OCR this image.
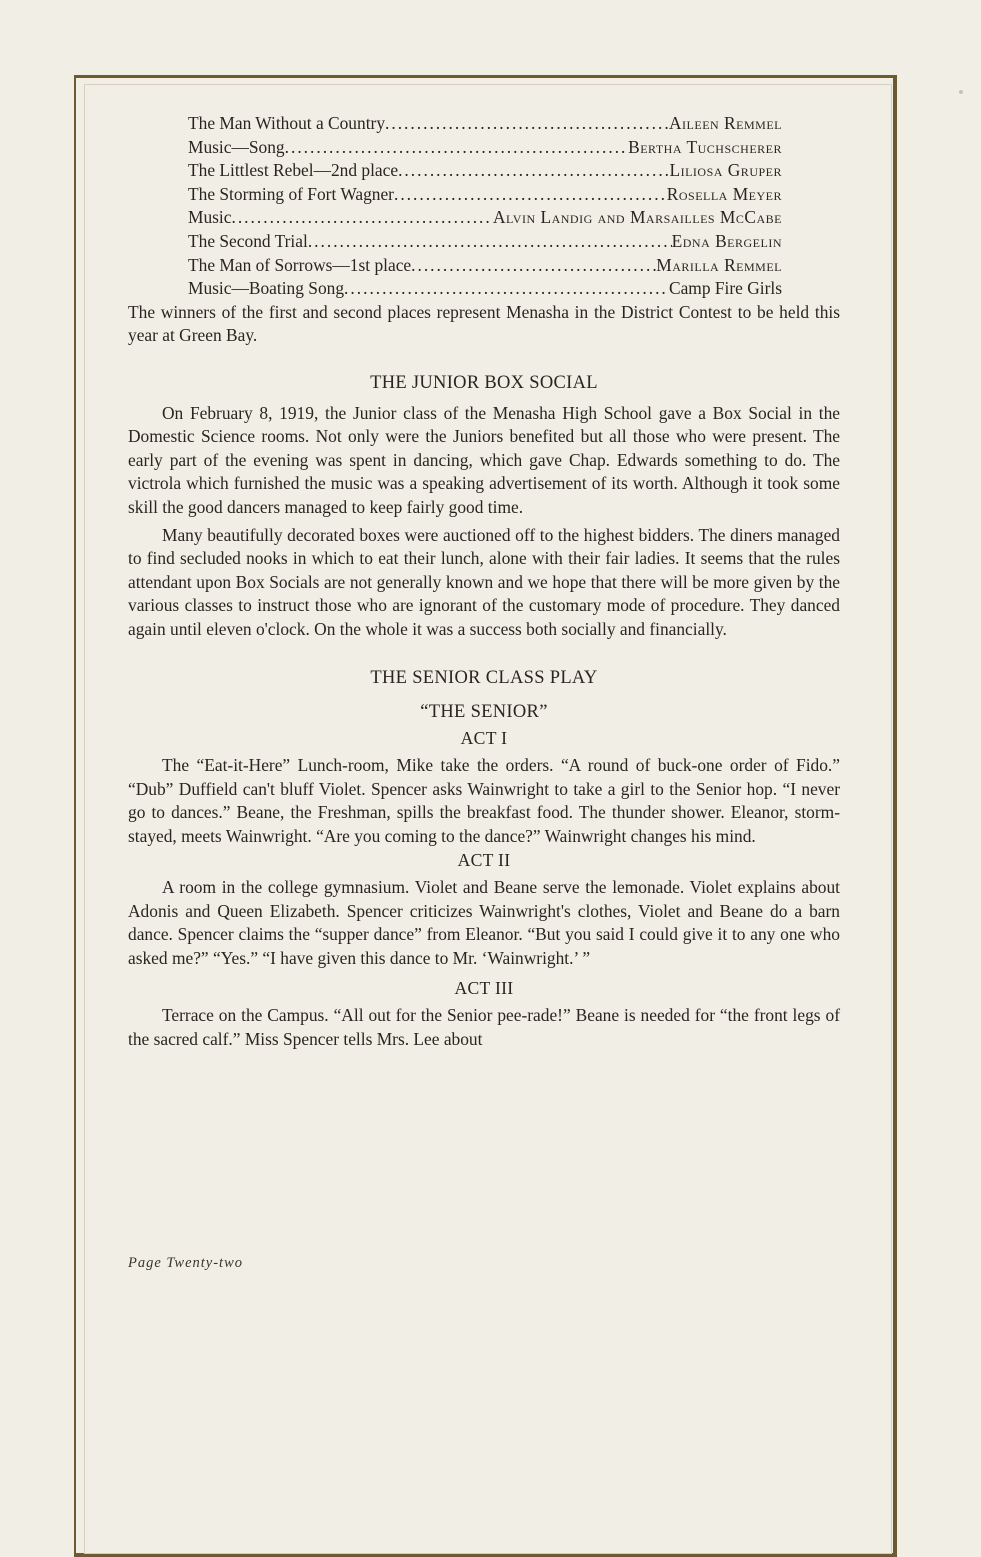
The Man Without a Country .....	Aileen Remmel
Music—Song .....	Bertha Tuchscherer
The Littlest Rebel—2nd place .....	Liliosa Gruper
The Storming of Fort Wagner .....	Rosella Meyer
Music .....	Alvin Landig and Marsailles McCabe
The Second Trial .....	Edna Bergelin
The Man of Sorrows—1st place .....	Marilla Remmel
Music—Boating Song .....	Camp Fire Girls

The winners of the first and second places represent Menasha in the District Contest to be held this year at Green Bay.

THE JUNIOR BOX SOCIAL

On February 8, 1919, the Junior class of the Menasha High School gave a Box Social in the Domestic Science rooms. Not only were the Juniors benefited but all those who were present. The early part of the evening was spent in dancing, which gave Chap. Edwards something to do. The victrola which furnished the music was a speaking advertisement of its worth. Although it took some skill the good dancers managed to keep fairly good time.

Many beautifully decorated boxes were auctioned off to the highest bidders. The diners managed to find secluded nooks in which to eat their lunch, alone with their fair ladies. It seems that the rules attendant upon Box Socials are not generally known and we hope that there will be more given by the various classes to instruct those who are ignorant of the customary mode of procedure. They danced again until eleven o'clock. On the whole it was a success both socially and financially.

THE SENIOR CLASS PLAY
“THE SENIOR”
ACT I

The “Eat-it-Here” Lunch-room, Mike take the orders. “A round of buck-one order of Fido.” “Dub” Duffield can't bluff Violet. Spencer asks Wainwright to take a girl to the Senior hop. “I never go to dances.” Beane, the Freshman, spills the breakfast food. The thunder shower. Eleanor, storm-stayed, meets Wainwright. “Are you coming to the dance?” Wainwright changes his mind.

ACT II

A room in the college gymnasium. Violet and Beane serve the lemonade. Violet explains about Adonis and Queen Elizabeth. Spencer criticizes Wainwright's clothes, Violet and Beane do a barn dance. Spencer claims the “supper dance” from Eleanor. “But you said I could give it to any one who asked me?” “Yes.” “I have given this dance to Mr. ‘Wainwright.’ ”

ACT III

Terrace on the Campus. “All out for the Senior pee-rade!” Beane is needed for “the front legs of the sacred calf.” Miss Spencer tells Mrs. Lee about

Page Twenty-two
